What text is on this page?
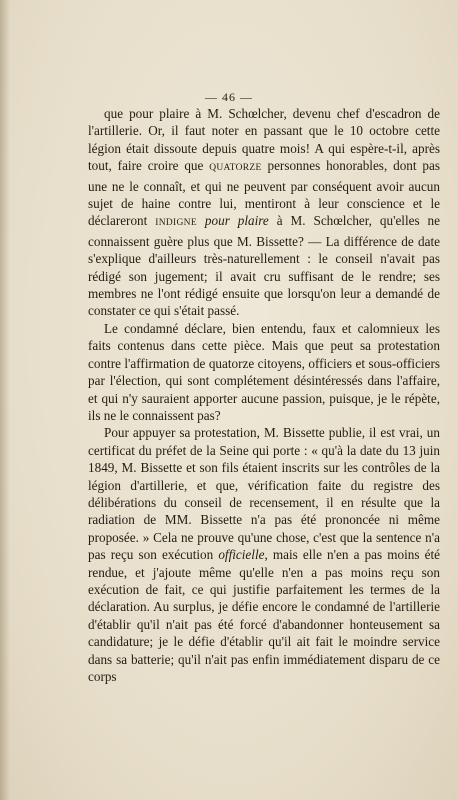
— 46 —

que pour plaire à M. Schœlcher, devenu chef d'escadron de l'artillerie. Or, il faut noter en passant que le 10 octobre cette légion était dissoute depuis quatre mois! A qui espère-t-il, après tout, faire croire que QUATORZE personnes honorables, dont pas une ne le connaît, et qui ne peuvent par conséquent avoir aucun sujet de haine contre lui, mentiront à leur conscience et le déclareront INDIGNE pour plaire à M. Schœlcher, qu'elles ne connaissent guère plus que M. Bissette? — La différence de date s'explique d'ailleurs très-naturellement : le conseil n'avait pas rédigé son jugement; il avait cru suffisant de le rendre; ses membres ne l'ont rédigé ensuite que lorsqu'on leur a demandé de constater ce qui s'était passé.

Le condamné déclare, bien entendu, faux et calomnieux les faits contenus dans cette pièce. Mais que peut sa protestation contre l'affirmation de quatorze citoyens, officiers et sous-officiers par l'élection, qui sont complétement désintéressés dans l'affaire, et qui n'y sauraient apporter aucune passion, puisque, je le répète, ils ne le connaissent pas?

Pour appuyer sa protestation, M. Bissette publie, il est vrai, un certificat du préfet de la Seine qui porte : « qu'à la date du 13 juin 1849, M. Bissette et son fils étaient inscrits sur les contrôles de la légion d'artillerie, et que, vérification faite du registre des délibérations du conseil de recensement, il en résulte que la radiation de MM. Bissette n'a pas été prononcée ni même proposée. » Cela ne prouve qu'une chose, c'est que la sentence n'a pas reçu son exécution officielle, mais elle n'en a pas moins été rendue, et j'ajoute même qu'elle n'en a pas moins reçu son exécution de fait, ce qui justifie parfaitement les termes de la déclaration. Au surplus, je défie encore le condamné de l'artillerie d'établir qu'il n'ait pas été forcé d'abandonner honteusement sa candidature; je le défie d'établir qu'il ait fait le moindre service dans sa batterie; qu'il n'ait pas enfin immédiatement disparu de ce corps
